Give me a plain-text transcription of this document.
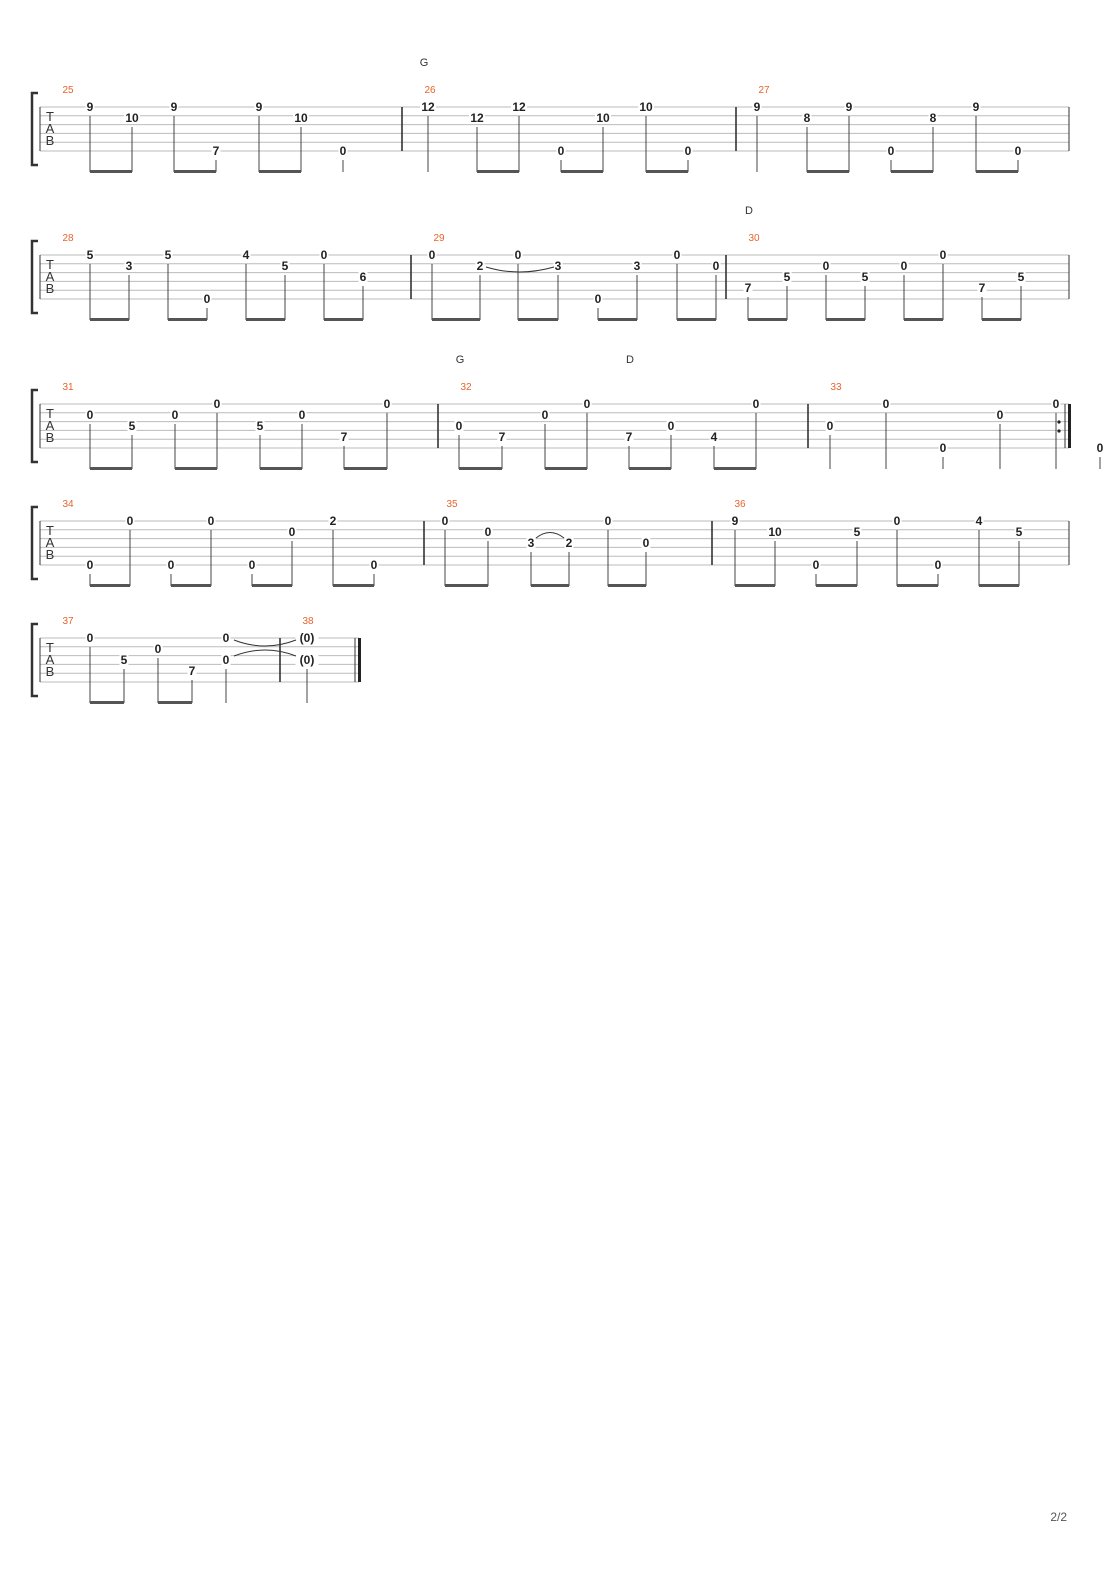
T
A
B
25
9
10
9
7
9
10
0
26
G
12
12
12
0
10
10
0
27
9
8
9
0
8
9
0
T
A
B
28
5
3
5
0
4
5
0
6
29
0
2
0
3
0
3
0
0
30
D
7
5
0
5
0
0
7
5
T
A
B
31
0
5
0
0
5
0
7
0
32
G	D
0
7
0
0
7
0
4
0
33
0
0
0
0
0
0
T
A
B
34
0
0
0
0
0
0
2
0
35
0
0
3	2
0
0
36
9
10
0
5
0
0
4
5
T
A
B
37
0
5
0
7
0
0
38
(0)
(0)
2/2
